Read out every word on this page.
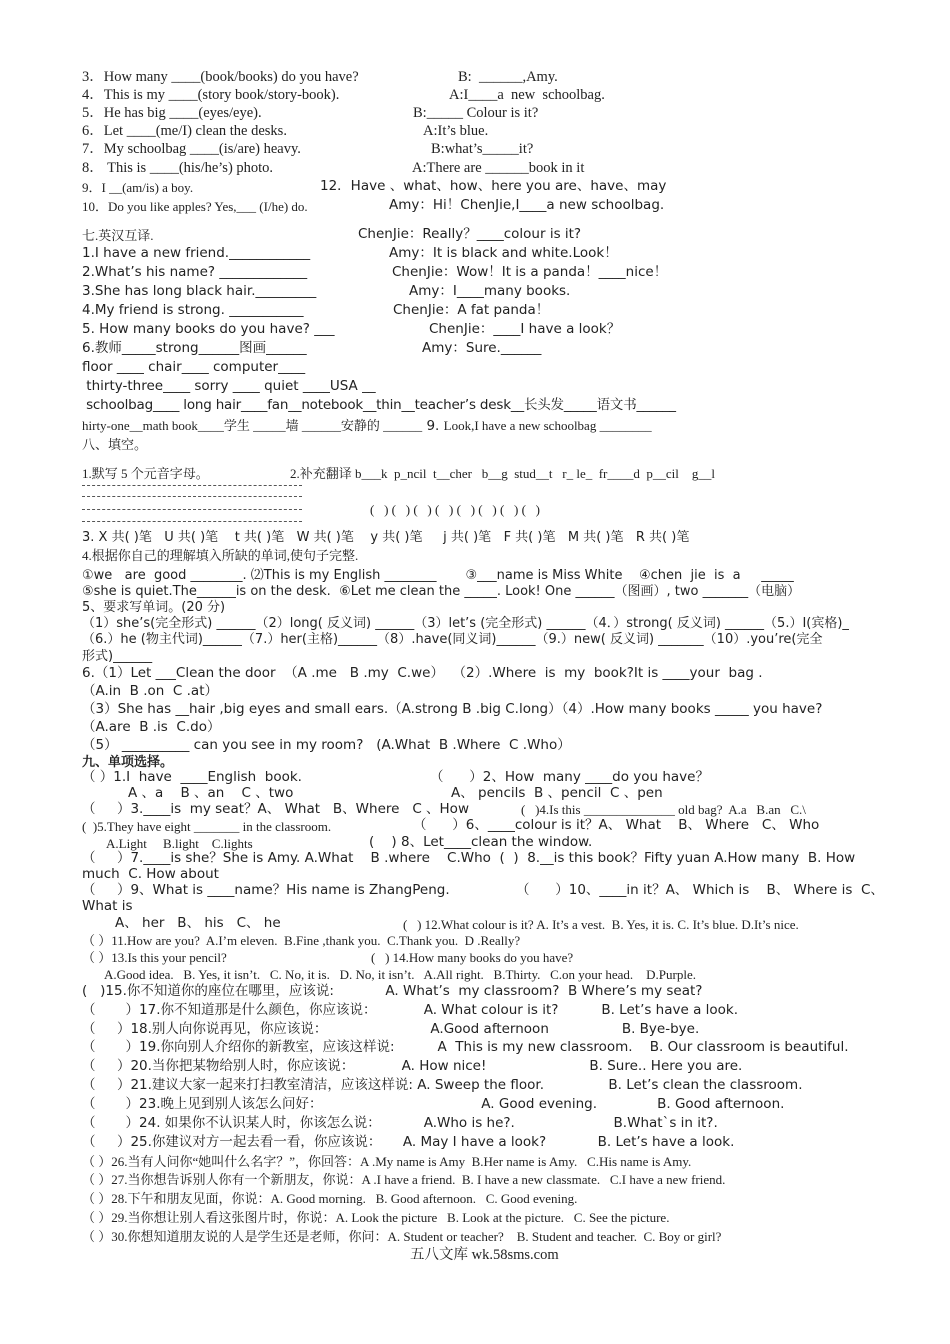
3．How many ____(book/books) do you have?	B:  ______,Amy.
4．This is my ____(story book/story-book).	A:I____a  new  schoolbag.
5．He has big ____(eyes/eye).	B:_____ Colour is it?
6．Let ____(me/I) clean the desks.	A:It’s blue.
7．My schoolbag ____(is/are) heavy.	B:what’s_____it?
8． This is ____(his/he’s) photo.	A:There are ______book in it
9．I __(am/is) a boy.	12．Have 、what、how、here you are、have、may
10．Do you like apples? Yes,___ (I/he) do.	Amy：Hi！ChenJie,I____a new schoolbag.
七.英汉互译.	ChenJie：Really？____colour is it?
1.I have a new friend.____________	Amy：It is black and white.Look！
2.What’s his name? _____________	ChenJie：Wow！It is a panda！____nice！
3.She has long black hair._________	Amy：I____many books.
4.My friend is strong. ___________	ChenJie：A fat panda！
5. How many books do you have? ___	ChenJie：____I have a look？
6.教师_____strong______图画______	Amy：Sure.______
floor ____ chair____ computer____
thirty-three____ sorry ____ quiet ____USA __
schoolbag____ long hair____fan__notebook__thin__teacher’s desk__长头发_____语文书______
hirty-one__math book____学生 _____墙 ______安静的 ______ 9. Look,I have a new schoolbag ________
八、填空。
1.默写 5 个元音字母。	2.补充翻译 b___k  p_ncil  t__cher   b__g  stud__t   r_ le_  fr____d  p__cil    g__l
(   ) (   ) (   ) (   ) (   ) (   ) (   ) (   )
3. X 共( )笔   U 共( )笔    t 共( )笔   W 共( )笔    y 共( )笔     j 共( )笔   F 共( )笔   M 共( )笔   R 共( )笔
4.根据你自己的理解填入所缺的单词,使句子完整.
①we   are  good ________. ⑵This is my English ________       ③___name is Miss White    ④chen  jie  is  a     _____
⑤she is quiet.The______is on the desk.  ⑥Let me clean the _____. Look! One ______（图画）, two _______（电脑）
5、要求写单词。(20 分)
（1）she’s(完全形式) ______（2）long( 反义词) ______（3）let’s (完全形式) ______（4．）strong( 反义词) ______（5.）I(宾格)_
（6.）he (物主代词)______（7.）her(主格)______（8）.have(同义词)______（9.）new( 反义词) _______（10）.you’re(完全
形式)______
6.（1）Let ___Clean the door  （A .me   B .my  C.we）  （2）.Where  is  my  book?It is ____your  bag .
（A.in  B .on  C .at）
（3）She has __hair ,big eyes and small ears.（A.strong B .big C.long）（4）.How many books _____ you have?
（A.are  B .is  C.do）
（5） __________ can you see in my room?   (A.What  B .Where  C .Who）
九、单项选择。
（ ）1.I  have  ____English  book.	（      ）2、How  many ____do you have？
A 、a    B 、an    C 、two	A、 pencils  B 、pencil  C 、pen
（     ）3.____is  my seat？A、 What   B、Where   C 、How	(   )4.Is this ______________ old bag?  A.a   B.an   C.\
(  )5.They have eight _______ in the classroom.	（      ）6、____colour is it？A、 What    B、 Where   C、 Who
A.Light     B.light    C.lights	(    ) 8、Let____clean the window.
（     ）7.____is she？She is Amy. A.What    B .where    C.Who  (  )  8.__is this book？Fifty yuan A.How many  B. How
much  C. How about
（     ）9、What is ____name？His name is ZhangPeng.	（      ）10、____in it？A、 Which is    B、 Where is  C、
What is
A、 her   B、 his   C、 he	(   ) 12.What colour is it? A. It’s a vest.  B. Yes, it is. C. It’s blue. D.It’s nice.
（ ）11.How are you?  A.I’m eleven.  B.Fine ,thank you.  C.Thank you.  D .Really?
（ ）13.Is this your pencil?	(   ) 14.How many books do you have?
A.Good idea.   B. Yes, it isn’t.   C. No, it is.   D. No, it isn’t.   A.All right.   B.Thirty.   C.on your head.    D.Purple.
(   )15.你不知道你的座位在哪里，应该说:            A. What’s  my classroom?  B Where’s my seat?
（       ）17.你不知道那是什么颜色，你应该说：           A. What colour is it?          B. Let’s have a look.
（     ）18.别人向你说再见，你应该说：                        A.Good afternoon                 B. Bye-bye.
（       ）19.你向别人介绍你的新教室，应该这样说:          A  This is my new classroom.    B. Our classroom is beautiful.
（     ）20.当你把某物给别人时，你应该说：           A. How nice!                        B. Sure.. Here you are.
（     ）21.建议大家一起来打扫教室清洁，应该这样说: A. Sweep the floor.               B. Let’s clean the classroom.
（       ）23.晚上见到别人该怎么问好：                                     A. Good evening.              B. Good afternoon.
（       ）24. 如果你不认识某人时，你该怎么说：          A.Who is he?.                       B.What`s in it?.
（     ）25.你建议对方一起去看一看，你应该说：     A. May I have a look?            B. Let’s have a look.
（ ）26.当有人问你“她叫什么名字？”，你回答：A .My name is Amy  B.Her name is Amy.   C.His name is Amy.
（ ）27.当你想告诉别人你有一个新朋友，你说：A .I have a friend.  B. I have a new classmate.   C.I have a new friend.
（ ）28.下午和朋友见面，你说：A. Good morning.   B. Good afternoon.   C. Good evening.
（ ）29.当你想让别人看这张图片时，你说：A. Look the picture   B. Look at the picture.   C. See the picture.
（ ）30.你想知道朋友说的人是学生还是老师，你问：A. Student or teacher?    B. Student and teacher.  C. Boy or girl?
五八文库 wk.58sms.com
